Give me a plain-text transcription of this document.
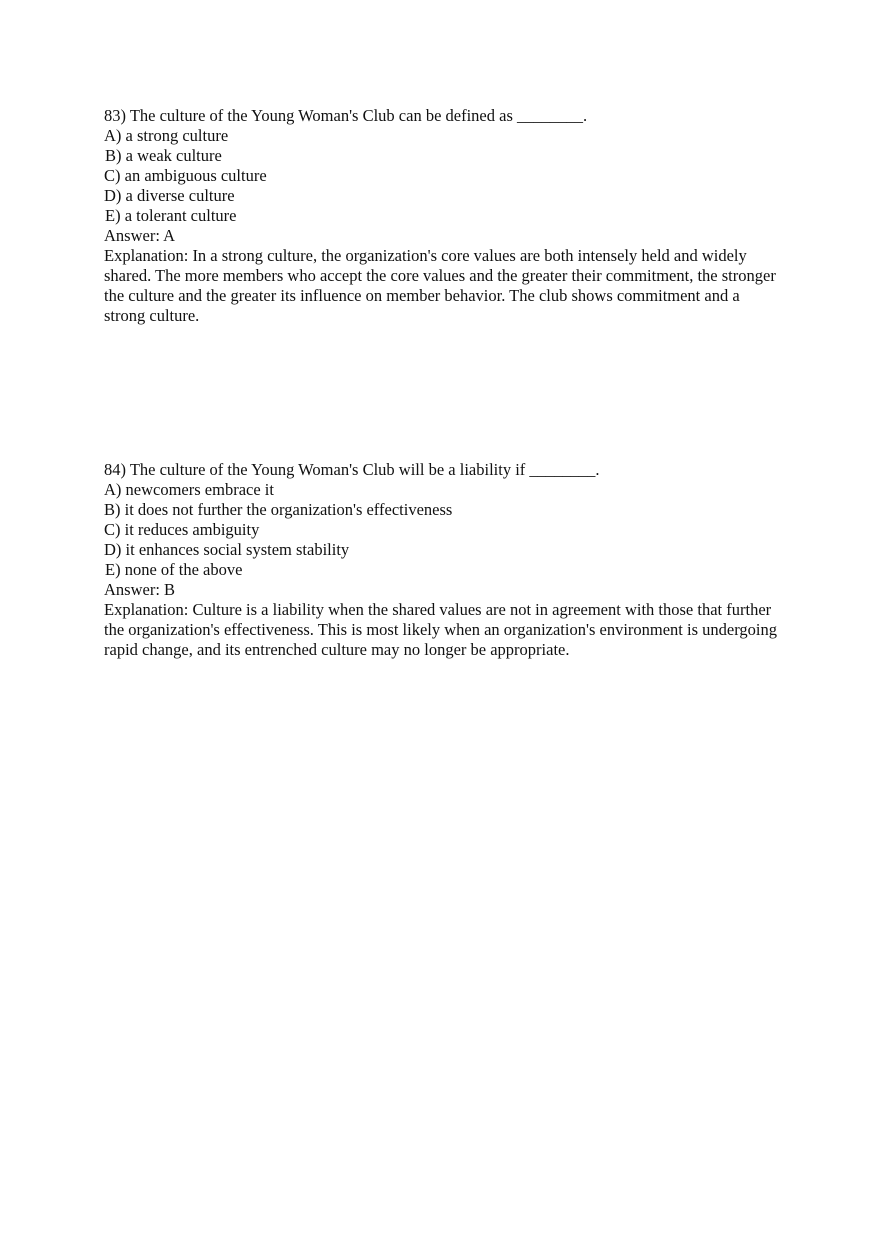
83) The culture of the Young Woman's Club can be defined as ________.
A) a strong culture
B) a weak culture
C) an ambiguous culture
D) a diverse culture
E) a tolerant culture
Answer: A
Explanation: In a strong culture, the organization's core values are both intensely held and widely shared. The more members who accept the core values and the greater their commitment, the stronger the culture and the greater its influence on member behavior. The club shows commitment and a strong culture.
84) The culture of the Young Woman's Club will be a liability if ________.
A) newcomers embrace it
B) it does not further the organization's effectiveness
C) it reduces ambiguity
D) it enhances social system stability
E) none of the above
Answer: B
Explanation: Culture is a liability when the shared values are not in agreement with those that further the organization's effectiveness. This is most likely when an organization's environment is undergoing rapid change, and its entrenched culture may no longer be appropriate.
